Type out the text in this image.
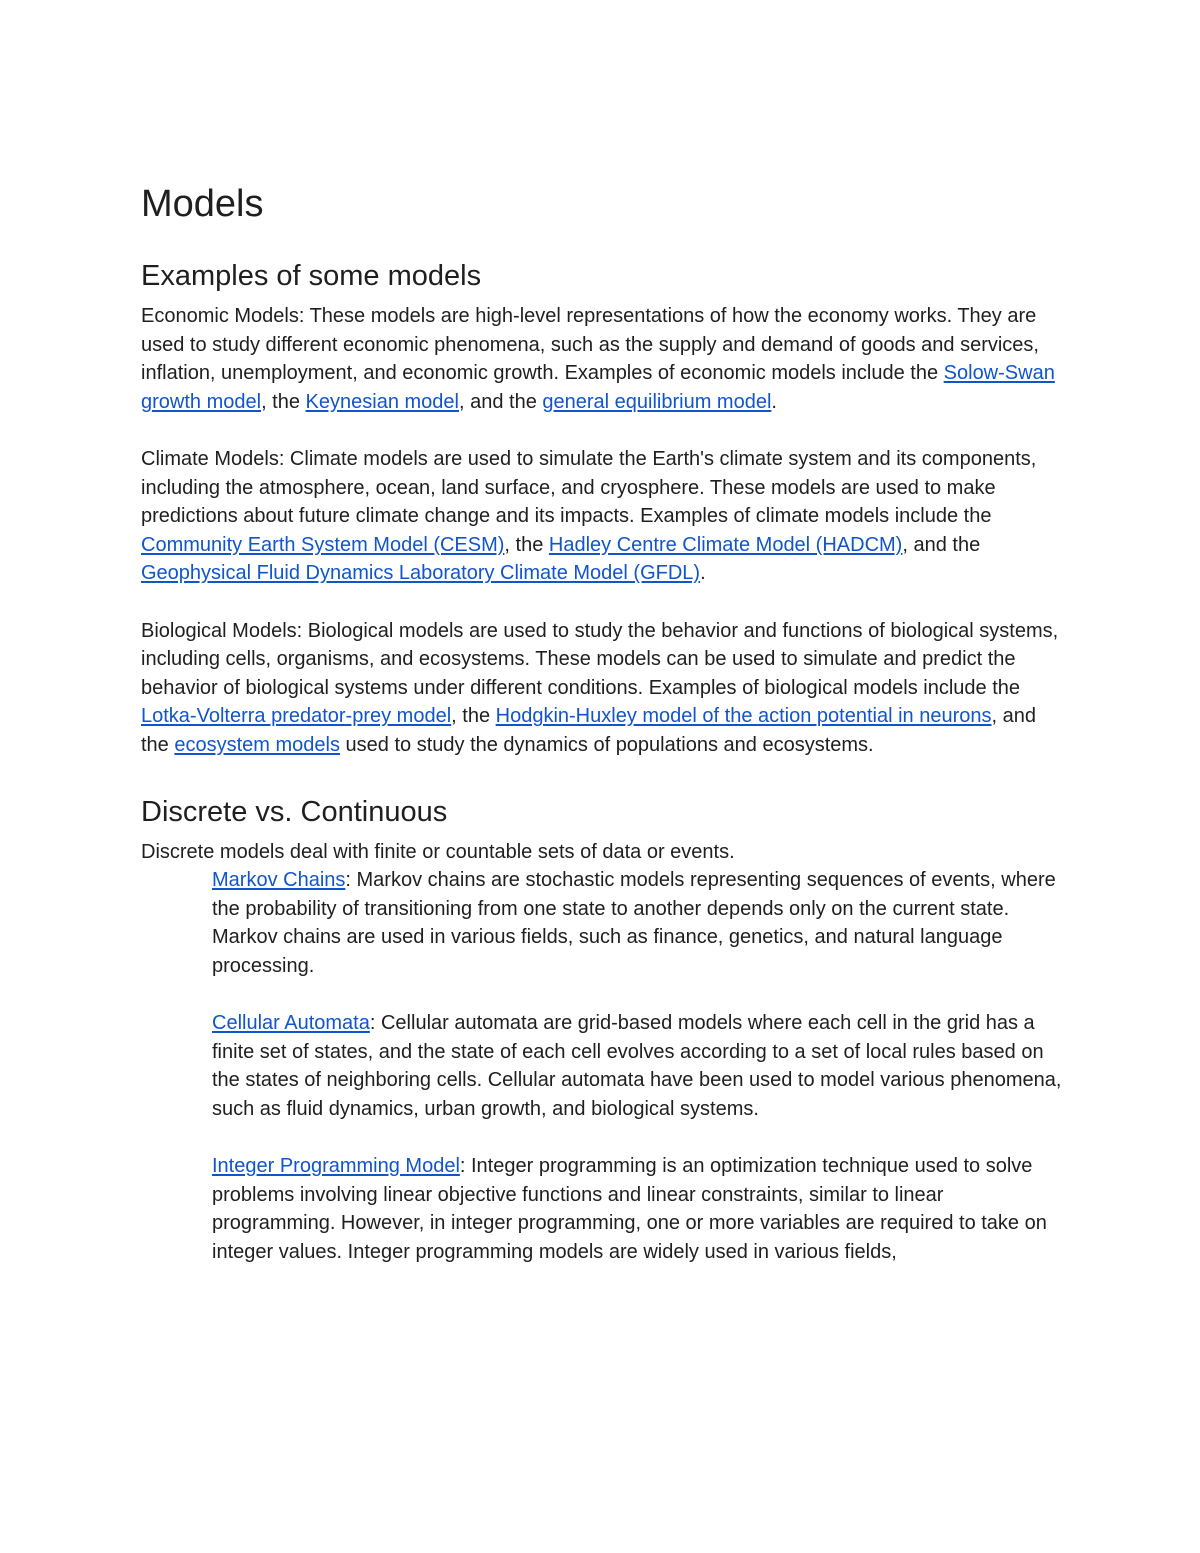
Models
Examples of some models

Economic Models: These models are high-level representations of how the economy works. They are used to study different economic phenomena, such as the supply and demand of goods and services, inflation, unemployment, and economic growth. Examples of economic models include the Solow-Swan growth model, the Keynesian model, and the general equilibrium model.

Climate Models: Climate models are used to simulate the Earth's climate system and its components, including the atmosphere, ocean, land surface, and cryosphere. These models are used to make predictions about future climate change and its impacts. Examples of climate models include the Community Earth System Model (CESM), the Hadley Centre Climate Model (HADCM), and the Geophysical Fluid Dynamics Laboratory Climate Model (GFDL).

Biological Models: Biological models are used to study the behavior and functions of biological systems, including cells, organisms, and ecosystems. These models can be used to simulate and predict the behavior of biological systems under different conditions. Examples of biological models include the Lotka-Volterra predator-prey model, the Hodgkin-Huxley model of the action potential in neurons, and the ecosystem models used to study the dynamics of populations and ecosystems.

Discrete vs. Continuous

Discrete models deal with finite or countable sets of data or events.

Markov Chains: Markov chains are stochastic models representing sequences of events, where the probability of transitioning from one state to another depends only on the current state. Markov chains are used in various fields, such as finance, genetics, and natural language processing.

Cellular Automata: Cellular automata are grid-based models where each cell in the grid has a finite set of states, and the state of each cell evolves according to a set of local rules based on the states of neighboring cells. Cellular automata have been used to model various phenomena, such as fluid dynamics, urban growth, and biological systems.

Integer Programming Model: Integer programming is an optimization technique used to solve problems involving linear objective functions and linear constraints, similar to linear programming. However, in integer programming, one or more variables are required to take on integer values. Integer programming models are widely used in various fields,
